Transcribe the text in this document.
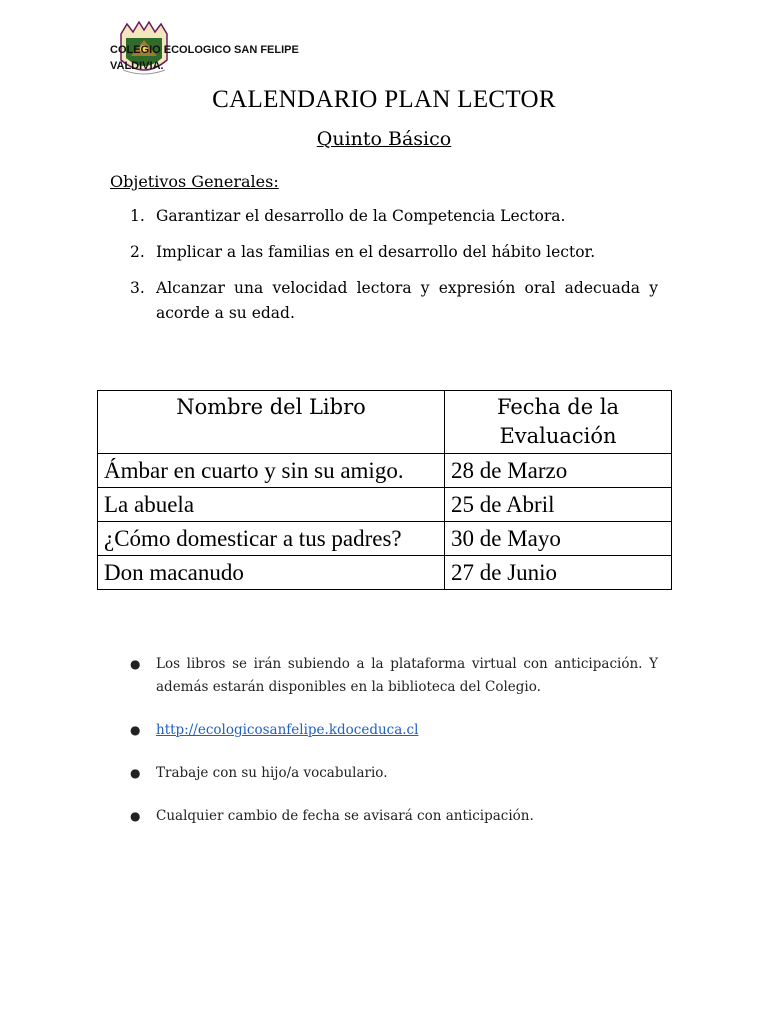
COLEGIO ECOLOGICO SAN FELIPE
VALDIVIA.
CALENDARIO PLAN LECTOR
Quinto Básico
Objetivos Generales:
1. Garantizar el desarrollo de la Competencia Lectora.
2. Implicar a las familias en el desarrollo del hábito lector.
3. Alcanzar una velocidad lectora y expresión oral adecuada y acorde a su edad.
Nombre del Libro	Fecha de la Evaluación
Ámbar en cuarto y sin su amigo.	28 de Marzo
La abuela	25 de Abril
¿Cómo domesticar a tus padres?	30 de Mayo
Don macanudo	27 de Junio
●	Los libros se irán subiendo a la plataforma virtual con anticipación. Y además estarán disponibles en la biblioteca del Colegio.
●	http://ecologicosanfelipe.kdoceduca.cl
●	Trabaje con su hijo/a vocabulario.
●	Cualquier cambio de fecha se avisará con anticipación.
